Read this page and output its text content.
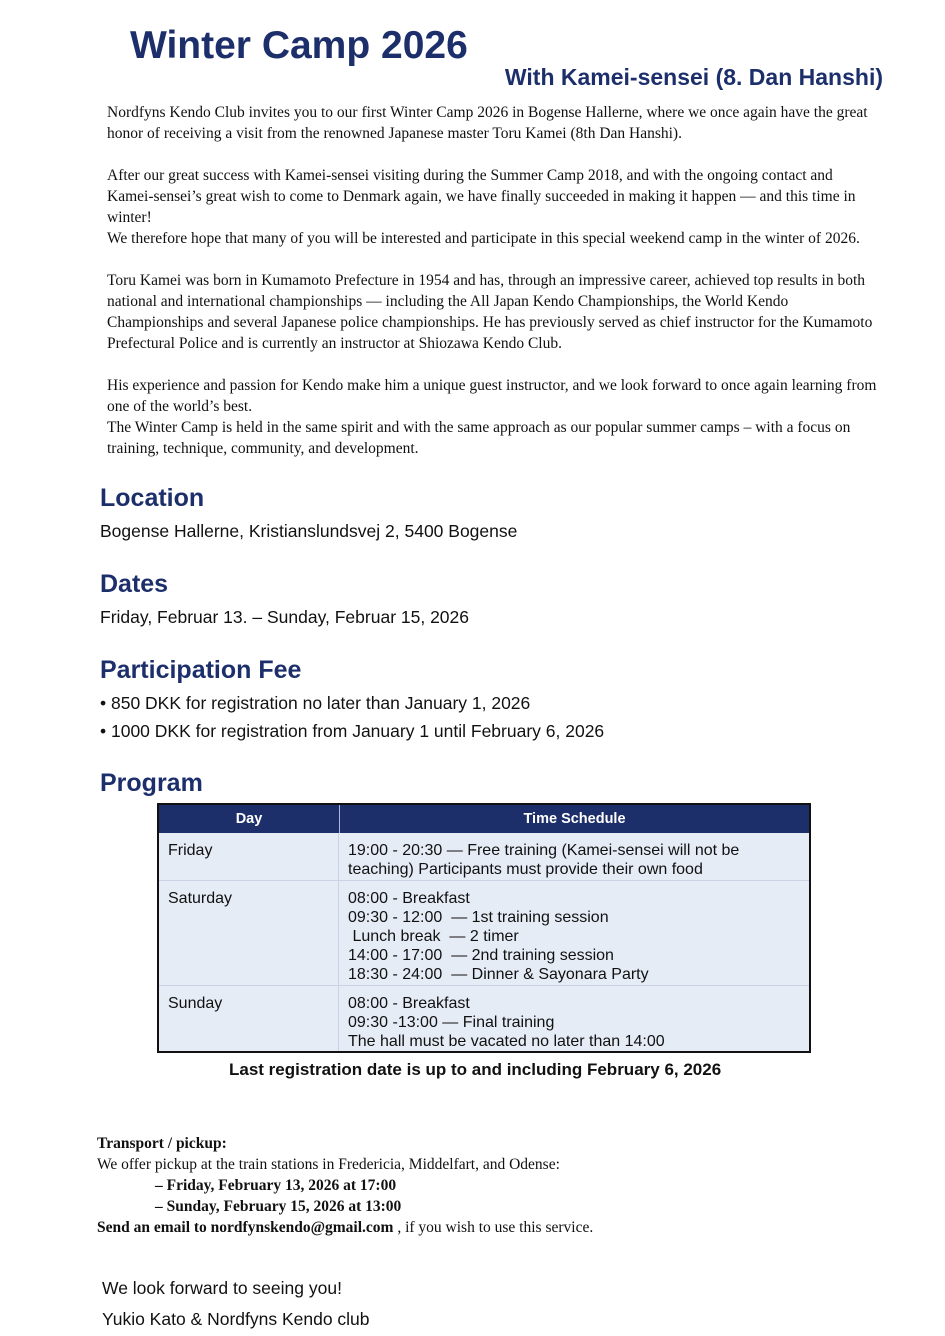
Winter Camp 2026
With Kamei-sensei (8. Dan Hanshi)

Nordfyns Kendo Club invites you to our first Winter Camp 2026 in Bogense Hallerne, where we once again have the great honor of receiving a visit from the renowned Japanese master Toru Kamei (8th Dan Hanshi).

After our great success with Kamei-sensei visiting during the Summer Camp 2018, and with the ongoing contact and Kamei-sensei’s great wish to come to Denmark again, we have finally succeeded in making it happen — and this time in winter!

We therefore hope that many of you will be interested and participate in this special weekend camp in the winter of 2026.

Toru Kamei was born in Kumamoto Prefecture in 1954 and has, through an impressive career, achieved top results in both national and international championships — including the All Japan Kendo Championships, the World Kendo Championships and several Japanese police championships. He has previously served as chief instructor for the Kumamoto Prefectural Police and is currently an instructor at Shiozawa Kendo Club.

His experience and passion for Kendo make him a unique guest instructor, and we look forward to once again learning from one of the world’s best.

The Winter Camp is held in the same spirit and with the same approach as our popular summer camps – with a focus on training, technique, community, and development.

Location

Bogense Hallerne, Kristianslundsvej 2, 5400 Bogense

Dates

Friday, Februar 13. – Sunday, Februar 15, 2026

Participation Fee

• 850 DKK for registration no later than January 1, 2026

• 1000 DKK for registration from January 1 until February 6, 2026

Program
Day	Time Schedule
Friday	19:00 - 20:30 — Free training (Kamei-sensei will not be
teaching) Participants must provide their own food
Saturday	08:00 - Breakfast
09:30 - 12:00  — 1st training session
Lunch break  — 2 timer
14:00 - 17:00  — 2nd training session
18:30 - 24:00  — Dinner & Sayonara Party
Sunday	08:00 - Breakfast
09:30 -13:00 — Final training
The hall must be vacated no later than 14:00

Last registration date is up to and including February 6, 2026

Transport / pickup:
We offer pickup at the train stations in Fredericia, Middelfart, and Odense:
– Friday, February 13, 2026 at 17:00
– Sunday, February 15, 2026 at 13:00
Send an email to nordfynskendo@gmail.com , if you wish to use this service.
We look forward to seeing you!
Yukio Kato & Nordfyns Kendo club
